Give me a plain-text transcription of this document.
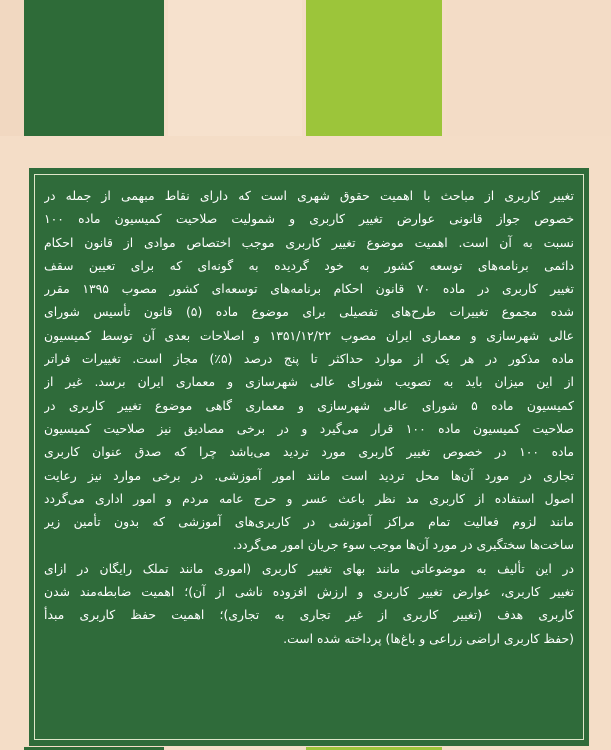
تغییر کاربری از مباحث با اهمیت حقوق شهری است که دارای نقاط مبهمی از جمله در
خصوص جواز قانونی عوارض تغییر کاربری و شمولیت صلاحیت کمیسیون ماده ۱۰۰
نسبت به آن است. اهمیت موضوع تغییر کاربری موجب اختصاص موادی از قانون احکام
دائمی برنامه‌های توسعه کشور به خود گردیده به گونه‌ای که برای تعیین سقف
تغییر کاربری در ماده ۷۰ قانون احکام برنامه‌های توسعه‌ای کشور مصوب ۱۳۹۵ مقرر
شده مجموع تغییرات طرح‌های تفصیلی برای موضوع ماده (۵) قانون تأسیس شورای
عالی شهرسازی و معماری ایران مصوب ۱۳۵۱/۱۲/۲۲ و اصلاحات بعدی آن توسط کمیسیون
ماده مذکور در هر یک از موارد حداکثر تا پنج درصد (۵٪) مجاز است. تغییرات فراتر
از این میزان باید به تصویب شورای عالی شهرسازی و معماری ایران برسد. غیر از
کمیسیون ماده ۵ شورای عالی شهرسازی و معماری گاهی موضوع تغییر کاربری در
صلاحیت کمیسیون ماده ۱۰۰ قرار می‌گیرد و در برخی مصادیق نیز صلاحیت کمیسیون
ماده ۱۰۰ در خصوص تغییر کاربری مورد تردید می‌باشد چرا که صدق عنوان کاربری
تجاری در مورد آن‌ها محل تردید است مانند امور آموزشی. در برخی موارد نیز رعایت
اصول استفاده از کاربری مد نظر باعث عسر و حرج عامه مردم و امور اداری می‌گردد
مانند لزوم فعالیت تمام مراکز آموزشی در کاربری‌های آموزشی که بدون تأمین زیر
ساخت‌ها سختگیری در مورد آن‌ها موجب سوء جریان امور می‌گردد.
در این تألیف به موضوعاتی مانند بهای تغییر کاربری (اموری مانند تملک رایگان در ازای
تغییر کاربری، عوارض تغییر کاربری و ارزش افزوده ناشی از آن)؛ اهمیت ضابطه‌مند شدن
کاربری هدف (تغییر کاربری از غیر تجاری به تجاری)؛ اهمیت حفظ کاربری مبدأ
(حفظ کاربری اراضی زراعی و باغ‌ها) پرداخته شده است.
